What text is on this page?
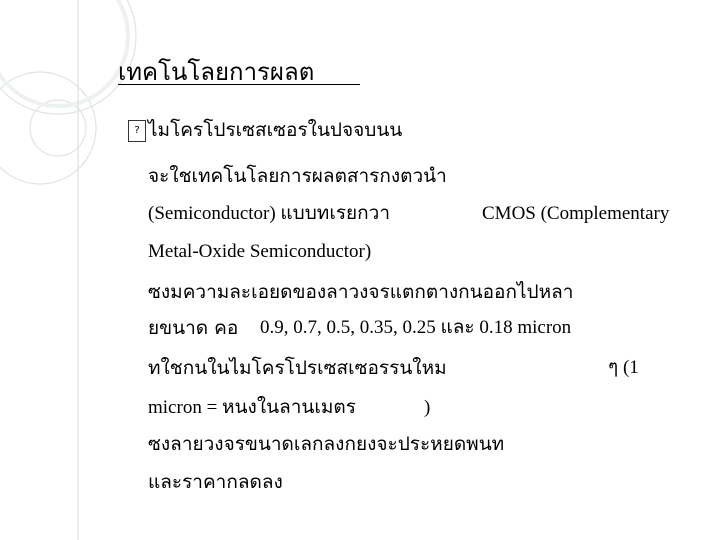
เทคโนโลยการผลต
? ไมโครโปรเซสเซอรในปจจบนน
จะใชเทคโนโลยการผลตสารกงตวนำ
(Semiconductor) แบบทเรยกวา	CMOS (Complementary
Metal-Oxide Semiconductor)
ซงมความละเอยดของลาวงจรแตกตางกนออกไปหลา
ยขนาด คอ 0.9, 0.7, 0.5, 0.35, 0.25 และ 0.18 micron
ทใชกนในไมโครโปรเซสเซอรรนใหม	ๆ (1
micron = หนงในลานเมตร	)
ซงลายวงจรขนาดเลกลงกยงจะประหยดพนท
และราคากลดลง
